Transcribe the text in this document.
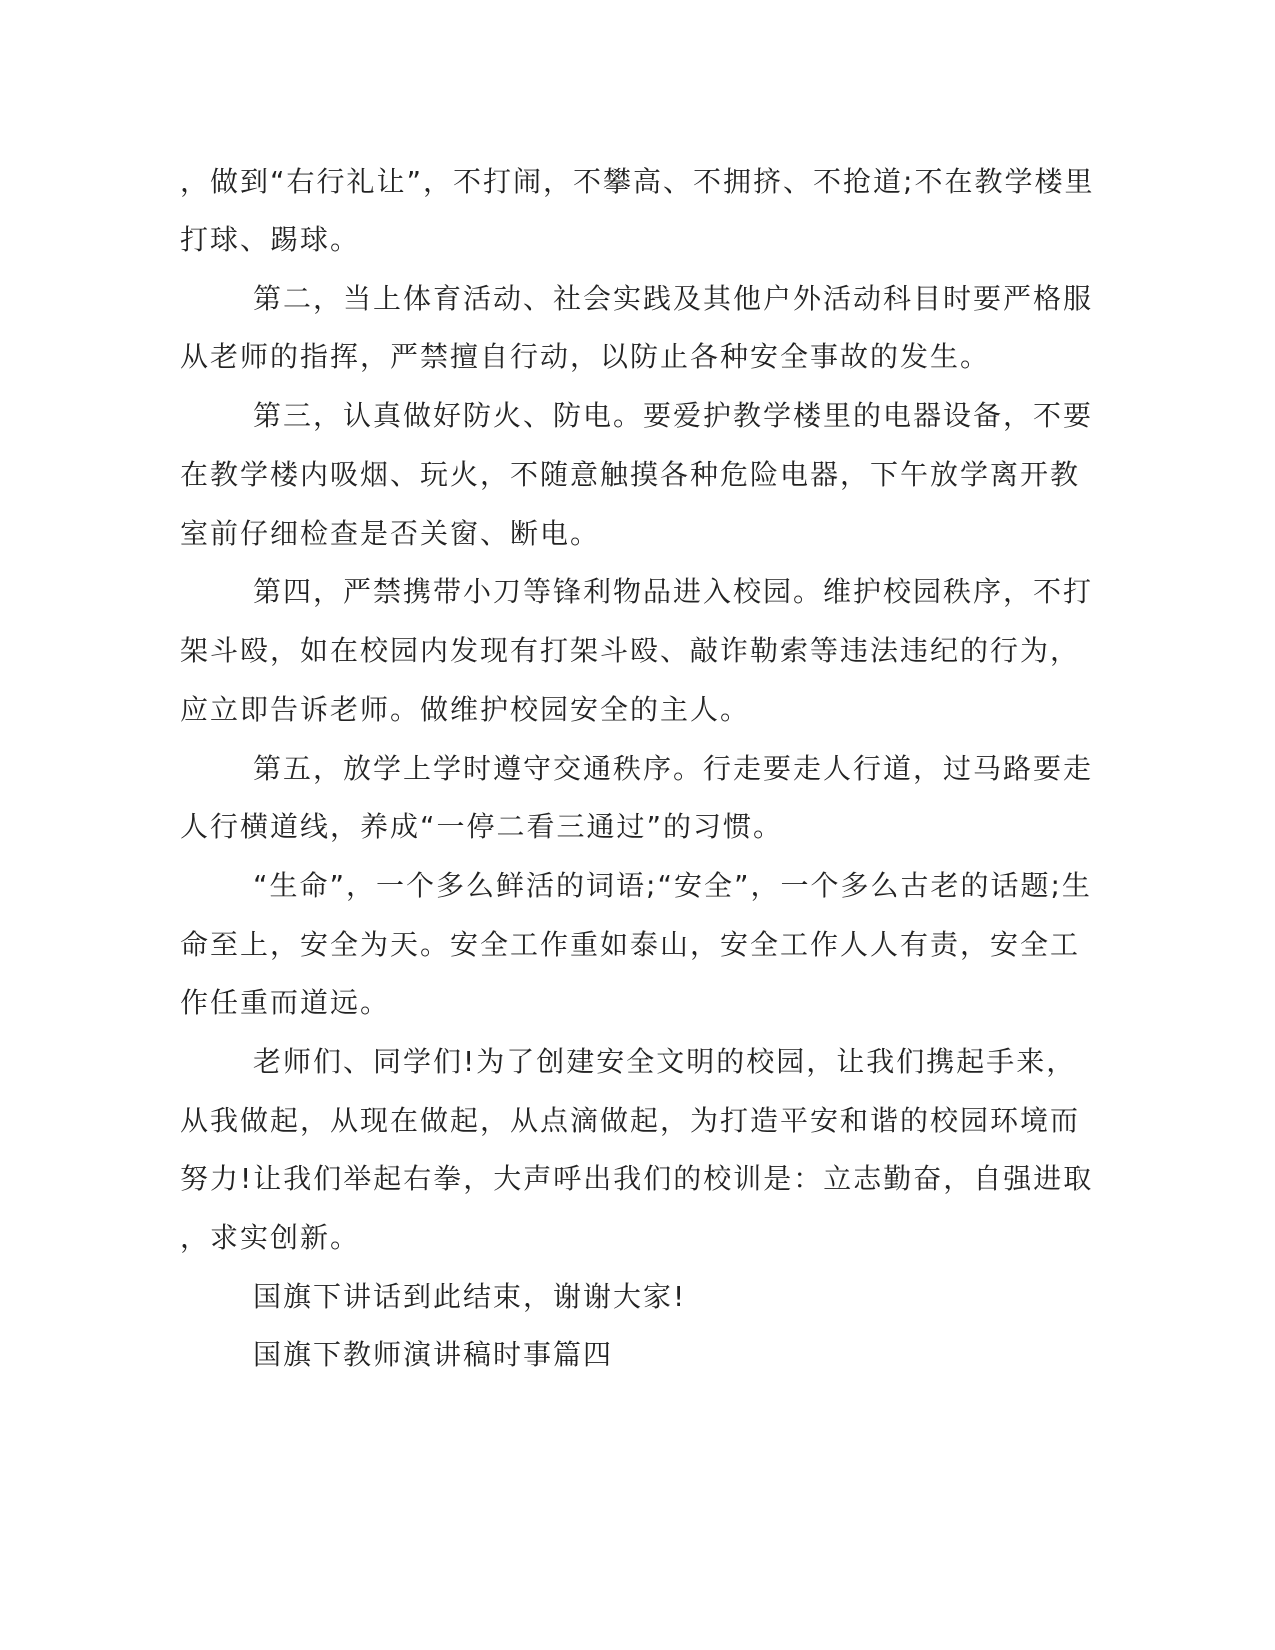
，做到“右行礼让”，不打闹，不攀高、不拥挤、不抢道;不在教学楼里
打球、踢球。
第二，当上体育活动、社会实践及其他户外活动科目时要严格服
从老师的指挥，严禁擅自行动，以防止各种安全事故的发生。
第三，认真做好防火、防电。要爱护教学楼里的电器设备，不要
在教学楼内吸烟、玩火，不随意触摸各种危险电器，下午放学离开教
室前仔细检查是否关窗、断电。
第四，严禁携带小刀等锋利物品进入校园。维护校园秩序，不打
架斗殴，如在校园内发现有打架斗殴、敲诈勒索等违法违纪的行为，
应立即告诉老师。做维护校园安全的主人。
第五，放学上学时遵守交通秩序。行走要走人行道，过马路要走
人行横道线，养成“一停二看三通过”的习惯。
“生命”，一个多么鲜活的词语;“安全”，一个多么古老的话题;生
命至上，安全为天。安全工作重如泰山，安全工作人人有责，安全工
作任重而道远。
老师们、同学们!为了创建安全文明的校园，让我们携起手来，
从我做起，从现在做起，从点滴做起，为打造平安和谐的校园环境而
努力!让我们举起右拳，大声呼出我们的校训是：立志勤奋，自强进取
，求实创新。
国旗下讲话到此结束，谢谢大家!
国旗下教师演讲稿时事篇四
